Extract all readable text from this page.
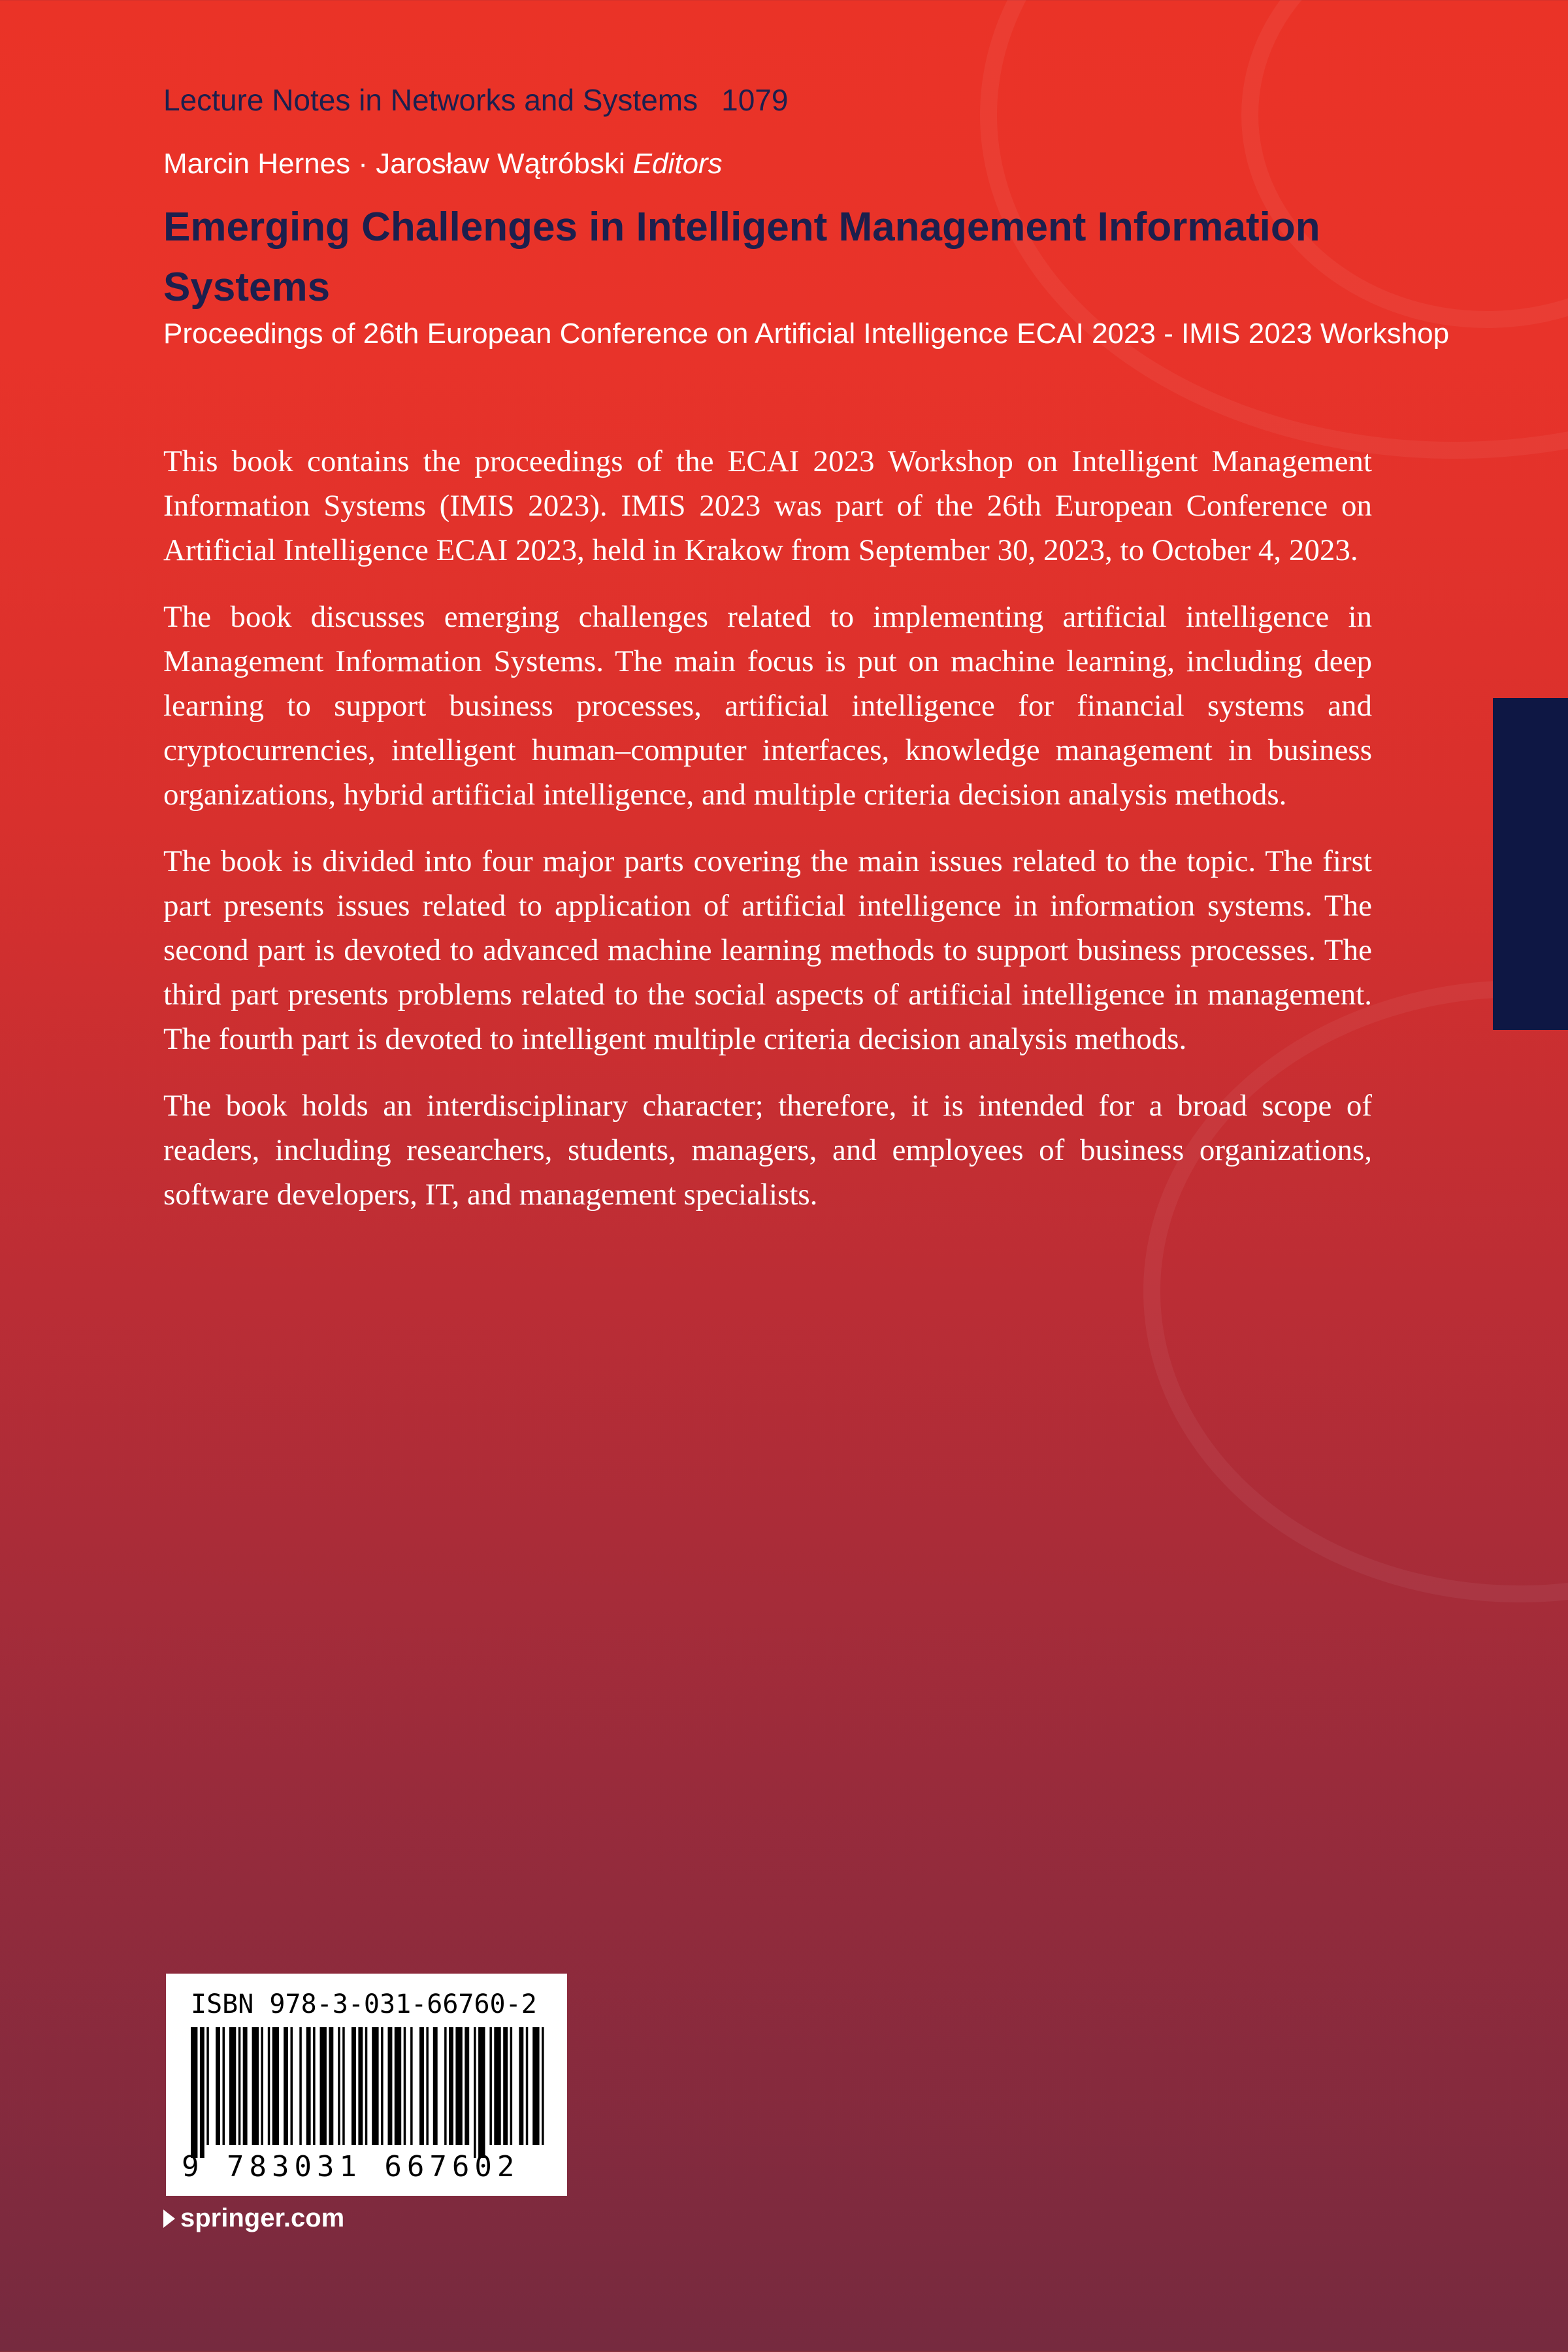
Lecture Notes in Networks and Systems 1079
Marcin Hernes · Jarosław Wątróbski Editors
Emerging Challenges in Intelligent Management Information Systems
Proceedings of 26th European Conference on Artificial Intelligence ECAI 2023 - IMIS 2023 Workshop

This book contains the proceedings of the ECAI 2023 Workshop on Intelligent Management Information Systems (IMIS 2023). IMIS 2023 was part of the 26th European Conference on Artificial Intelligence ECAI 2023, held in Krakow from September 30, 2023, to October 4, 2023.

The book discusses emerging challenges related to implementing artificial intelligence in Management Information Systems. The main focus is put on machine learning, including deep learning to support business processes, artificial intelligence for financial systems and cryptocurrencies, intelligent human–computer interfaces, knowledge management in business organizations, hybrid artificial intelligence, and multiple criteria decision analysis methods.

The book is divided into four major parts covering the main issues related to the topic. The first part presents issues related to application of artificial intelligence in information systems. The second part is devoted to advanced machine learning methods to support business processes. The third part presents problems related to the social aspects of artificial intelligence in management. The fourth part is devoted to intelligent multiple criteria decision analysis methods.

The book holds an interdisciplinary character; therefore, it is intended for a broad scope of readers, including researchers, students, managers, and employees of business organizations, software developers, IT, and management specialists.

ISBN 978-3-031-66760-2
9 783031 667602
springer.com
